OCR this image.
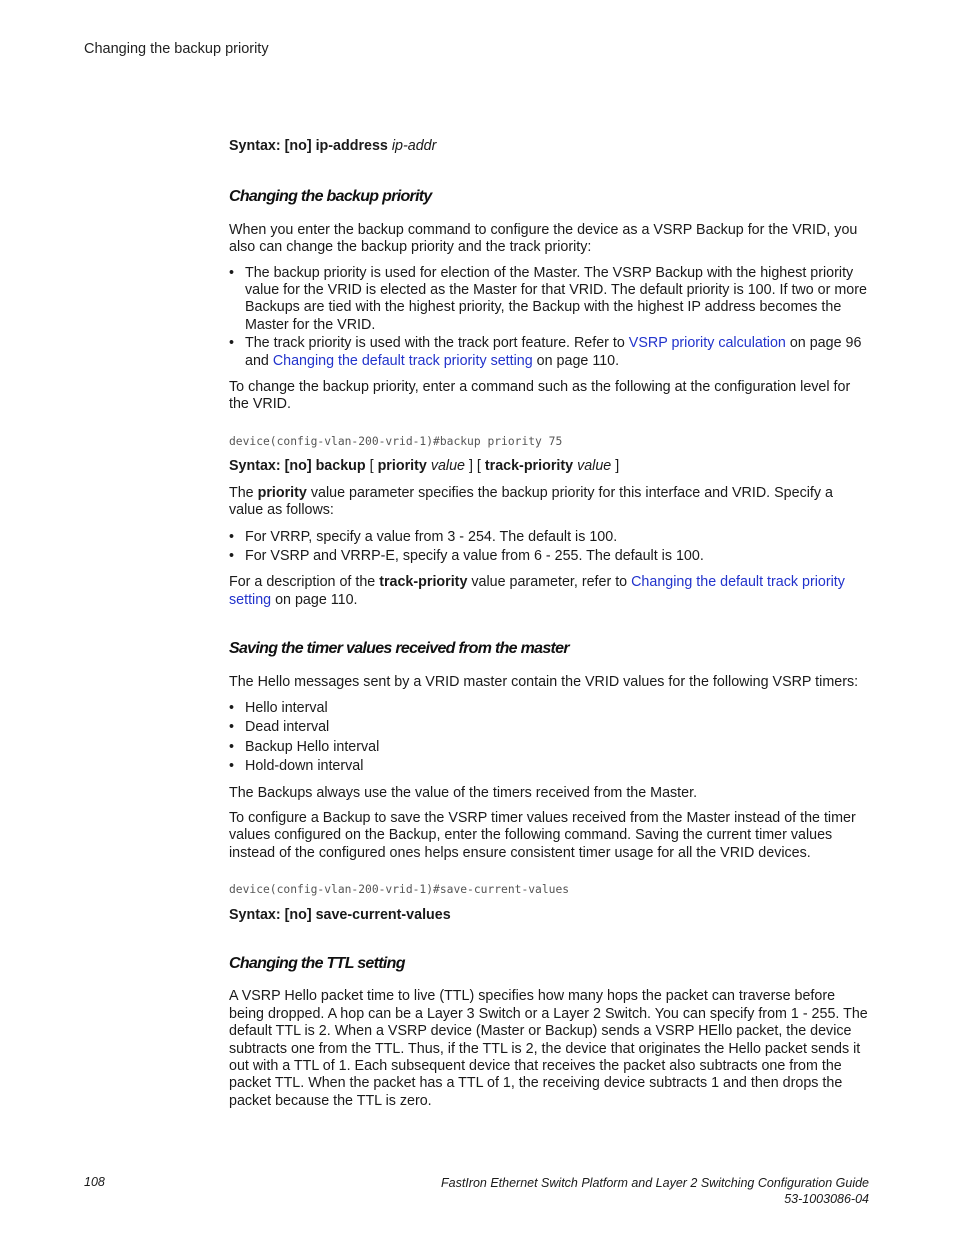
Changing the backup priority

Syntax: [no] ip-address ip-addr

Changing the backup priority

When you enter the backup command to configure the device as a VSRP Backup for the VRID, you also can change the backup priority and the track priority:

• The backup priority is used for election of the Master. The VSRP Backup with the highest priority value for the VRID is elected as the Master for that VRID. The default priority is 100. If two or more Backups are tied with the highest priority, the Backup with the highest IP address becomes the Master for the VRID.
• The track priority is used with the track port feature. Refer to VSRP priority calculation on page 96 and Changing the default track priority setting on page 110.

To change the backup priority, enter a command such as the following at the configuration level for the VRID.

device(config-vlan-200-vrid-1)#backup priority 75

Syntax: [no] backup [ priority value ] [ track-priority value ]

The priority value parameter specifies the backup priority for this interface and VRID. Specify a value as follows:

• For VRRP, specify a value from 3 - 254. The default is 100.
• For VSRP and VRRP-E, specify a value from 6 - 255. The default is 100.

For a description of the track-priority value parameter, refer to Changing the default track priority setting on page 110.

Saving the timer values received from the master

The Hello messages sent by a VRID master contain the VRID values for the following VSRP timers:

• Hello interval
• Dead interval
• Backup Hello interval
• Hold-down interval

The Backups always use the value of the timers received from the Master.

To configure a Backup to save the VSRP timer values received from the Master instead of the timer values configured on the Backup, enter the following command. Saving the current timer values instead of the configured ones helps ensure consistent timer usage for all the VRID devices.

device(config-vlan-200-vrid-1)#save-current-values

Syntax: [no] save-current-values

Changing the TTL setting

A VSRP Hello packet time to live (TTL) specifies how many hops the packet can traverse before being dropped. A hop can be a Layer 3 Switch or a Layer 2 Switch. You can specify from 1 - 255. The default TTL is 2. When a VSRP device (Master or Backup) sends a VSRP HEllo packet, the device subtracts one from the TTL. Thus, if the TTL is 2, the device that originates the Hello packet sends it out with a TTL of 1. Each subsequent device that receives the packet also subtracts one from the packet TTL. When the packet has a TTL of 1, the receiving device subtracts 1 and then drops the packet because the TTL is zero.

108	FastIron Ethernet Switch Platform and Layer 2 Switching Configuration Guide
53-1003086-04
